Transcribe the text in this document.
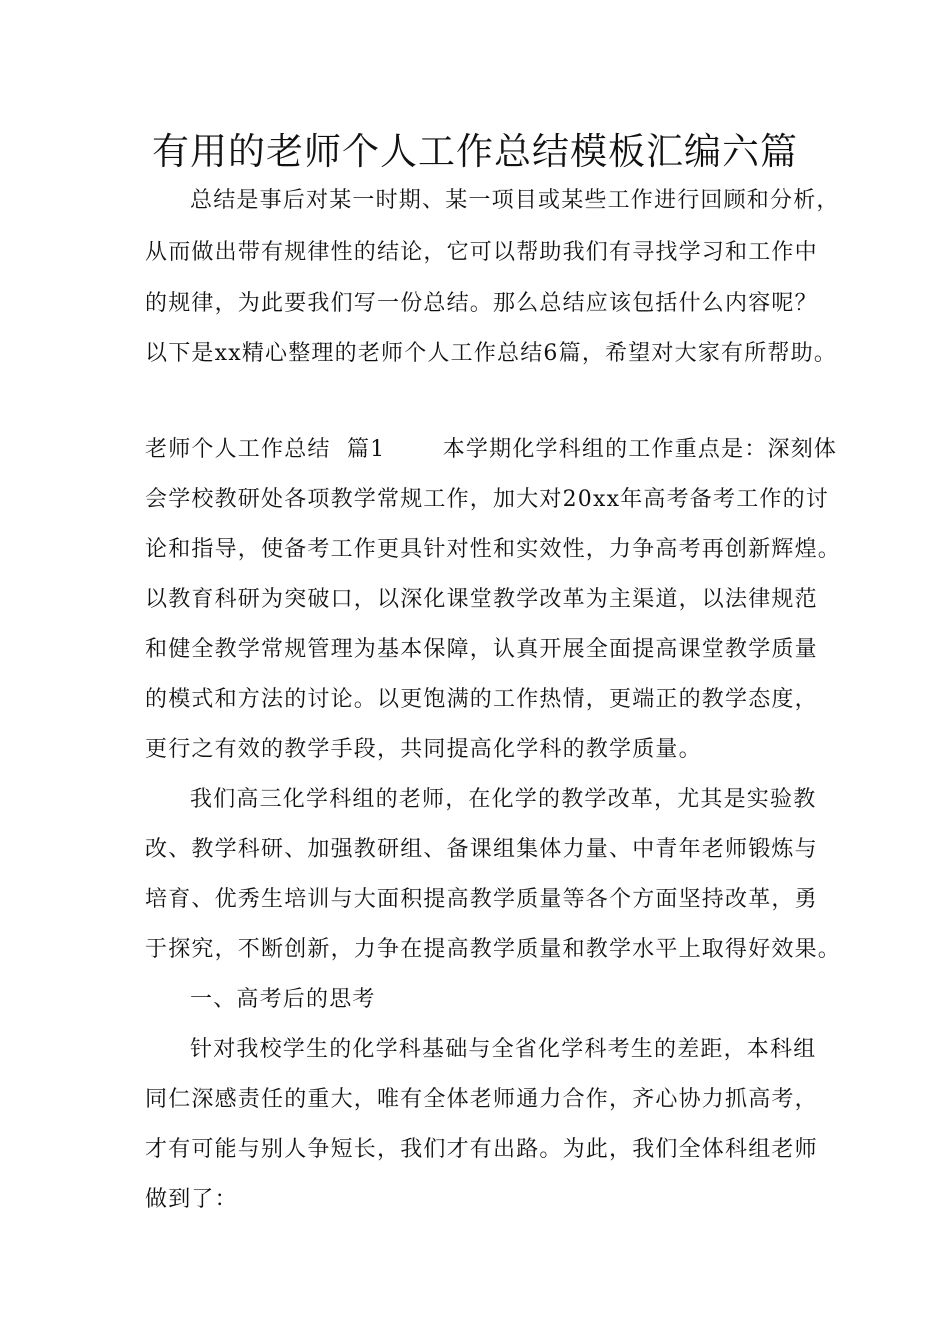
有用的老师个人工作总结模板汇编六篇
总结是事后对某一时期、某一项目或某些工作进行回顾和分析，
从而做出带有规律性的结论，它可以帮助我们有寻找学习和工作中
的规律，为此要我们写一份总结。那么总结应该包括什么内容呢？
以下是xx精心整理的老师个人工作总结6篇，希望对大家有所帮助。
老师个人工作总结  篇1       本学期化学科组的工作重点是：深刻体
会学校教研处各项教学常规工作，加大对20xx年高考备考工作的讨
论和指导，使备考工作更具针对性和实效性，力争高考再创新辉煌。
以教育科研为突破口，以深化课堂教学改革为主渠道，以法律规范
和健全教学常规管理为基本保障，认真开展全面提高课堂教学质量
的模式和方法的讨论。以更饱满的工作热情，更端正的教学态度，
更行之有效的教学手段，共同提高化学科的教学质量。
我们高三化学科组的老师，在化学的教学改革，尤其是实验教
改、教学科研、加强教研组、备课组集体力量、中青年老师锻炼与
培育、优秀生培训与大面积提高教学质量等各个方面坚持改革，勇
于探究，不断创新，力争在提高教学质量和教学水平上取得好效果。
一、高考后的思考
针对我校学生的化学科基础与全省化学科考生的差距，本科组
同仁深感责任的重大，唯有全体老师通力合作，齐心协力抓高考，
才有可能与别人争短长，我们才有出路。为此，我们全体科组老师
做到了：
